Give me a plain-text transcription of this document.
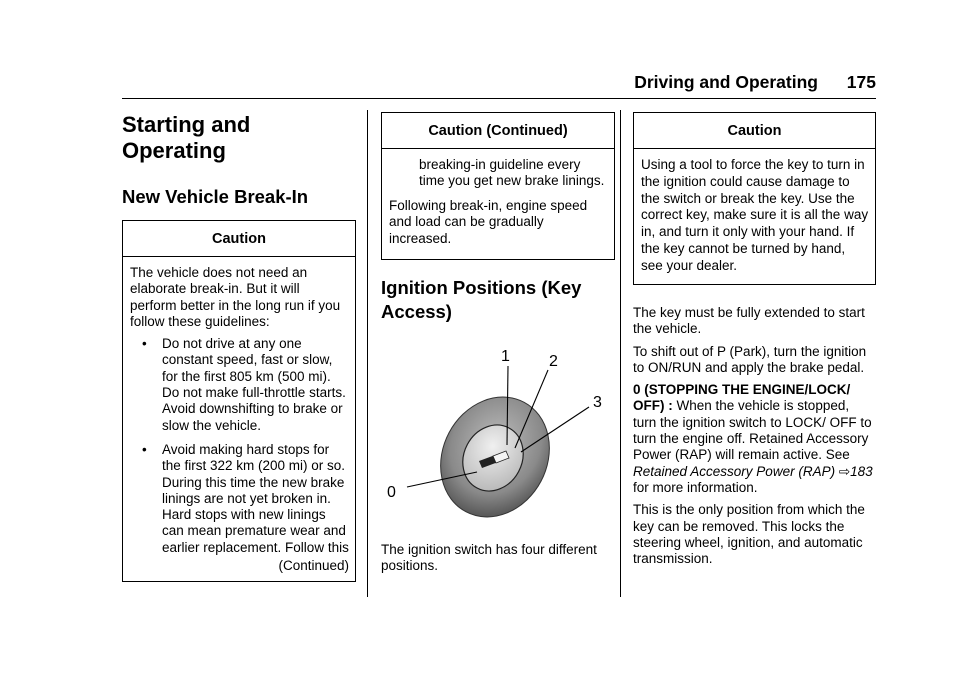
Driving and Operating 175
Starting and
Operating
New Vehicle Break-In
Caution

The vehicle does not need an elaborate break-in. But it will perform better in the long run if you follow these guidelines:

•	Do not drive at any one constant speed, fast or slow, for the first 805 km (500 mi). Do not make full-throttle starts. Avoid downshifting to brake or slow the vehicle.
•	Avoid making hard stops for the first 322 km (200 mi) or so. During this time the new brake linings are not yet broken in. Hard stops with new linings can mean premature wear and earlier replacement. Follow this
(Continued)
Caution (Continued)

breaking-in guideline every time you get new brake linings.

Following break-in, engine speed and load can be gradually increased.

Ignition Positions (Key Access)
0
1 2
3

The ignition switch has four different positions.

Caution

Using a tool to force the key to turn in the ignition could cause damage to the switch or break the key. Use the correct key, make sure it is all the way in, and turn it only with your hand. If the key cannot be turned by hand, see your dealer.

The key must be fully extended to start the vehicle.

To shift out of P (Park), turn the ignition to ON/RUN and apply the brake pedal.

0 (STOPPING THE ENGINE/LOCK/ OFF) : When the vehicle is stopped, turn the ignition switch to LOCK/ OFF to turn the engine off. Retained Accessory Power (RAP) will remain active. See Retained Accessory Power (RAP) ⇨183 for more information.

This is the only position from which the key can be removed. This locks the steering wheel, ignition, and automatic transmission.
